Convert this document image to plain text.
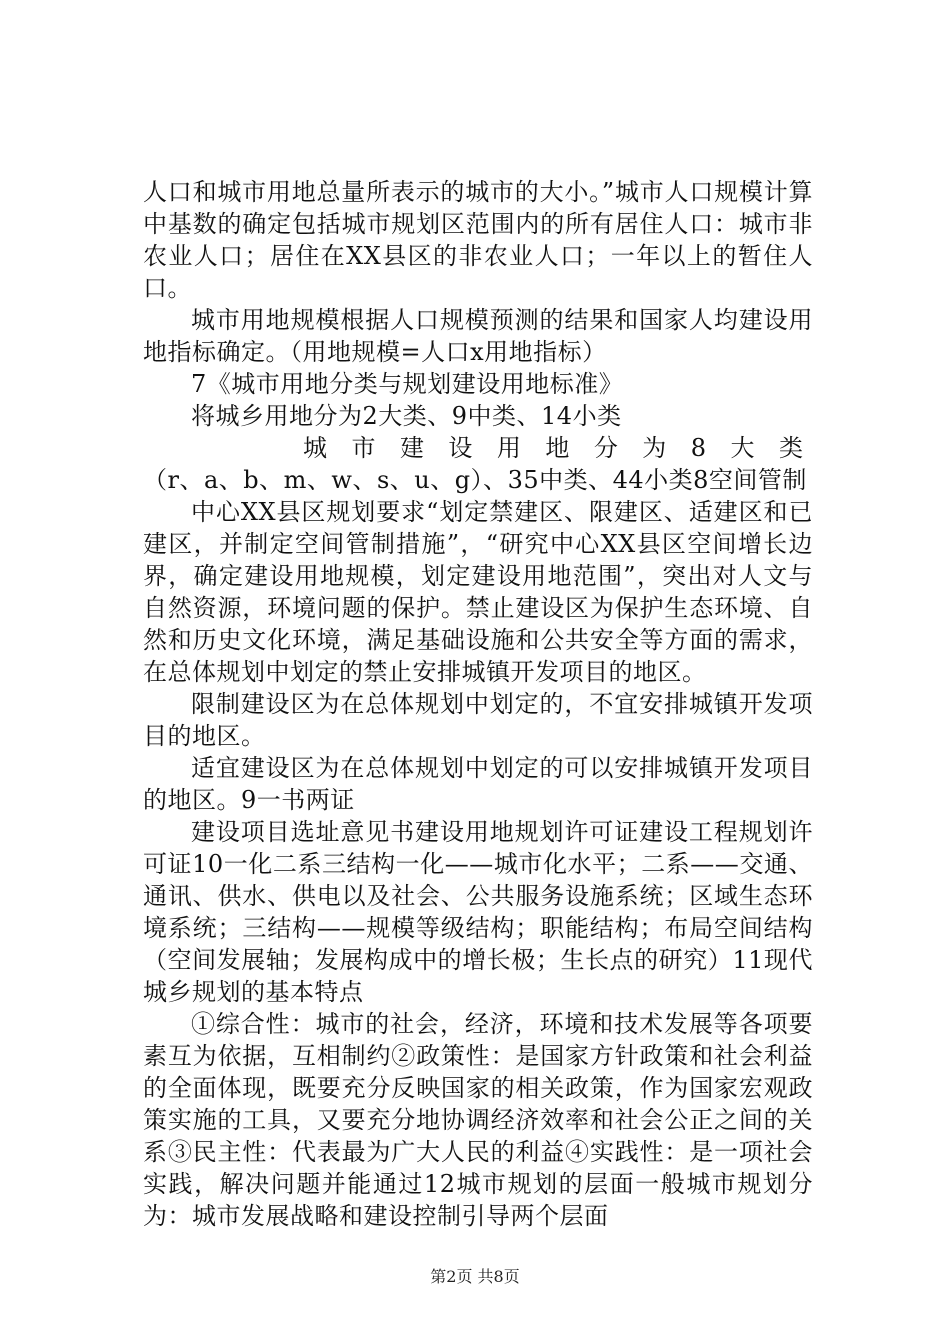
人口和城市用地总量所表示的城市的大小。”城市人口规模计算中基数的确定包括城市规划区范围内的所有居住人口：城市非农业人口；居住在XX县区的非农业人口；一年以上的暂住人口。

城市用地规模根据人口规模预测的结果和国家人均建设用地指标确定。（用地规模=人口x用地指标）

7《城市用地分类与规划建设用地标准》

将城乡用地分为2大类、9中类、14小类

城市建设用地分为8大类

（r、a、b、m、w、s、u、g）、35中类、44小类8空间管制

中心XX县区规划要求“划定禁建区、限建区、适建区和已建区，并制定空间管制措施”，“研究中心XX县区空间增长边界，确定建设用地规模，划定建设用地范围”，突出对人文与自然资源，环境问题的保护。禁止建设区为保护生态环境、自然和历史文化环境，满足基础设施和公共安全等方面的需求，在总体规划中划定的禁止安排城镇开发项目的地区。

限制建设区为在总体规划中划定的，不宜安排城镇开发项目的地区。

适宜建设区为在总体规划中划定的可以安排城镇开发项目的地区。9一书两证

建设项目选址意见书建设用地规划许可证建设工程规划许可证10一化二系三结构一化——城市化水平；二系——交通、通讯、供水、供电以及社会、公共服务设施系统；区域生态环境系统；三结构——规模等级结构；职能结构；布局空间结构（空间发展轴；发展构成中的增长极；生长点的研究）11现代城乡规划的基本特点

①综合性：城市的社会，经济，环境和技术发展等各项要素互为依据，互相制约②政策性：是国家方针政策和社会利益的全面体现，既要充分反映国家的相关政策，作为国家宏观政策实施的工具，又要充分地协调经济效率和社会公正之间的关系③民主性：代表最为广大人民的利益④实践性：是一项社会实践，解决问题并能通过12城市规划的层面一般城市规划分为：城市发展战略和建设控制引导两个层面

第2页 共8页
